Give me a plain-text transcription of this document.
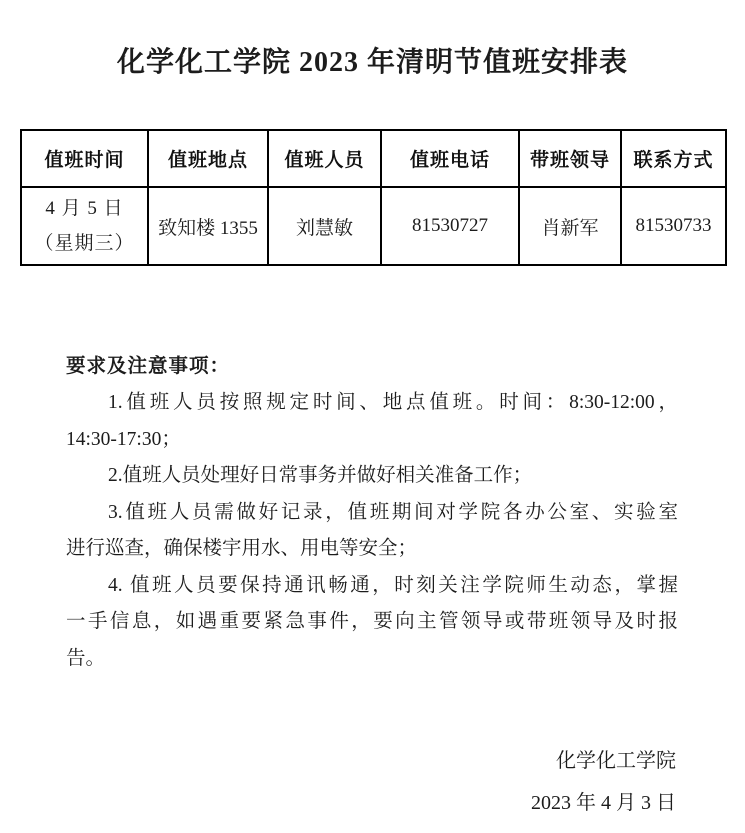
化学化工学院 2023 年清明节值班安排表
值班时间	值班地点	值班人员	值班电话	带班领导	联系方式

4 月 5 日
（星期三）	致知楼 1355	刘慧敏	81530727	肖新军	81530733
要求及注意事项：

1.值班人员按照规定时间、地点值班。时间：8:30-12:00，
14:30-17:30；

2.值班人员处理好日常事务并做好相关准备工作；

3.值班人员需做好记录，值班期间对学院各办公室、实验室
进行巡查，确保楼宇用水、用电等安全；

4. 值班人员要保持通讯畅通，时刻关注学院师生动态，掌握
一手信息，如遇重要紧急事件，要向主管领导或带班领导及时报
告。

化学化工学院
2023 年 4 月 3 日
